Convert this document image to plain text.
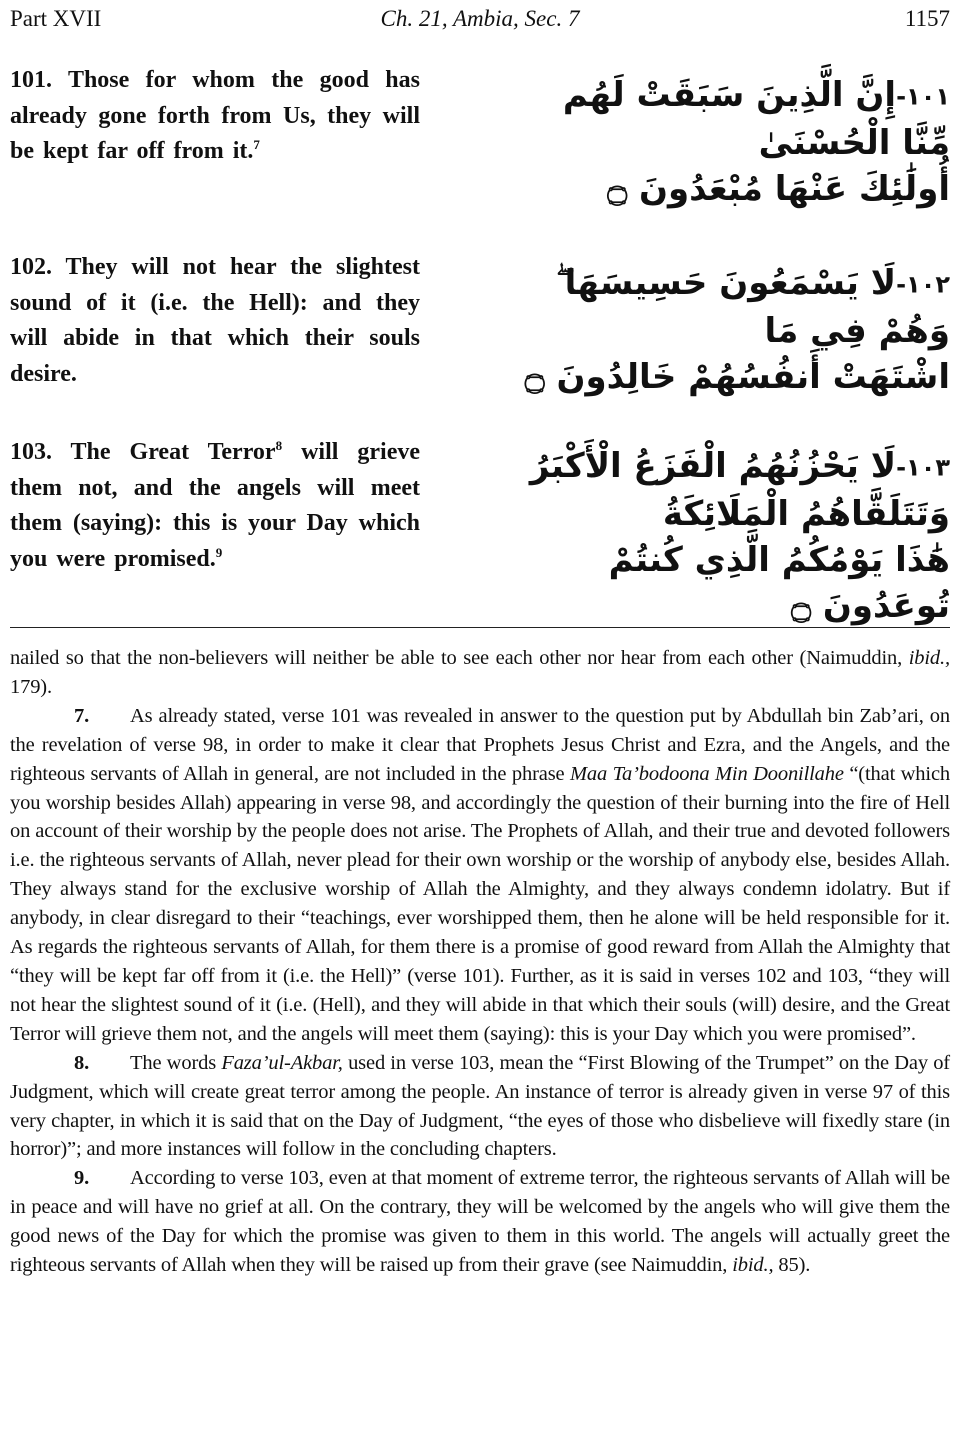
Part XVII	Ch. 21, Ambia, Sec. 7	1157
101. Those for whom the good has already gone forth from Us, they will be kept far off from it.$^7$
١٠١-إِنَّ الَّذِينَ سَبَقَتْ لَهُم مِّنَّا الْحُسْنَىٰ
أُولَٰئِكَ عَنْهَا مُبْعَدُونَ ۝
102. They will not hear the slightest sound of it (i.e. the Hell): and they will abide in that which their souls desire.
١٠٢-لَا يَسْمَعُونَ حَسِيسَهَا ۖ وَهُمْ فِي مَا
اشْتَهَتْ أَنفُسُهُمْ خَالِدُونَ ۝
103. The Great Terror$^8$ will grieve them not, and the angels will meet them (saying): this is your Day which you were promised.$^9$
١٠٣-لَا يَحْزُنُهُمُ الْفَزَعُ الْأَكْبَرُ
وَتَتَلَقَّاهُمُ الْمَلَائِكَةُ
هَٰذَا يَوْمُكُمُ الَّذِي كُنتُمْ تُوعَدُونَ ۝

nailed so that the non-believers will neither be able to see each other nor hear from each other (Naimuddin, ibid., 179).

7. As already stated, verse 101 was revealed in answer to the question put by Abdullah bin Zab’ari, on the revelation of verse 98, in order to make it clear that Prophets Jesus Christ and Ezra, and the Angels, and the righteous servants of Allah in general, are not included in the phrase Maa Ta’bodoona Min Doonillahe “(that which you worship besides Allah) appearing in verse 98, and accordingly the question of their burning into the fire of Hell on account of their worship by the people does not arise. The Prophets of Allah, and their true and devoted followers i.e. the righteous servants of Allah, never plead for their own worship or the worship of anybody else, besides Allah. They always stand for the exclusive worship of Allah the Almighty, and they always condemn idolatry. But if anybody, in clear disregard to their “teachings, ever worshipped them, then he alone will be held responsible for it. As regards the righteous servants of Allah, for them there is a promise of good reward from Allah the Almighty that “they will be kept far off from it (i.e. the Hell)” (verse 101). Further, as it is said in verses 102 and 103, “they will not hear the slightest sound of it (i.e. (Hell), and they will abide in that which their souls (will) desire, and the Great Terror will grieve them not, and the angels will meet them (saying): this is your Day which you were promised”.

8. The words Faza’ul-Akbar, used in verse 103, mean the “First Blowing of the Trumpet” on the Day of Judgment, which will create great terror among the people. An instance of terror is already given in verse 97 of this very chapter, in which it is said that on the Day of Judgment, “the eyes of those who disbelieve will fixedly stare (in horror)”; and more instances will follow in the concluding chapters.

9. According to verse 103, even at that moment of extreme terror, the righteous servants of Allah will be in peace and will have no grief at all. On the contrary, they will be welcomed by the angels who will give them the good news of the Day for which the promise was given to them in this world. The angels will actually greet the righteous servants of Allah when they will be raised up from their grave (see Naimuddin, ibid., 85).
